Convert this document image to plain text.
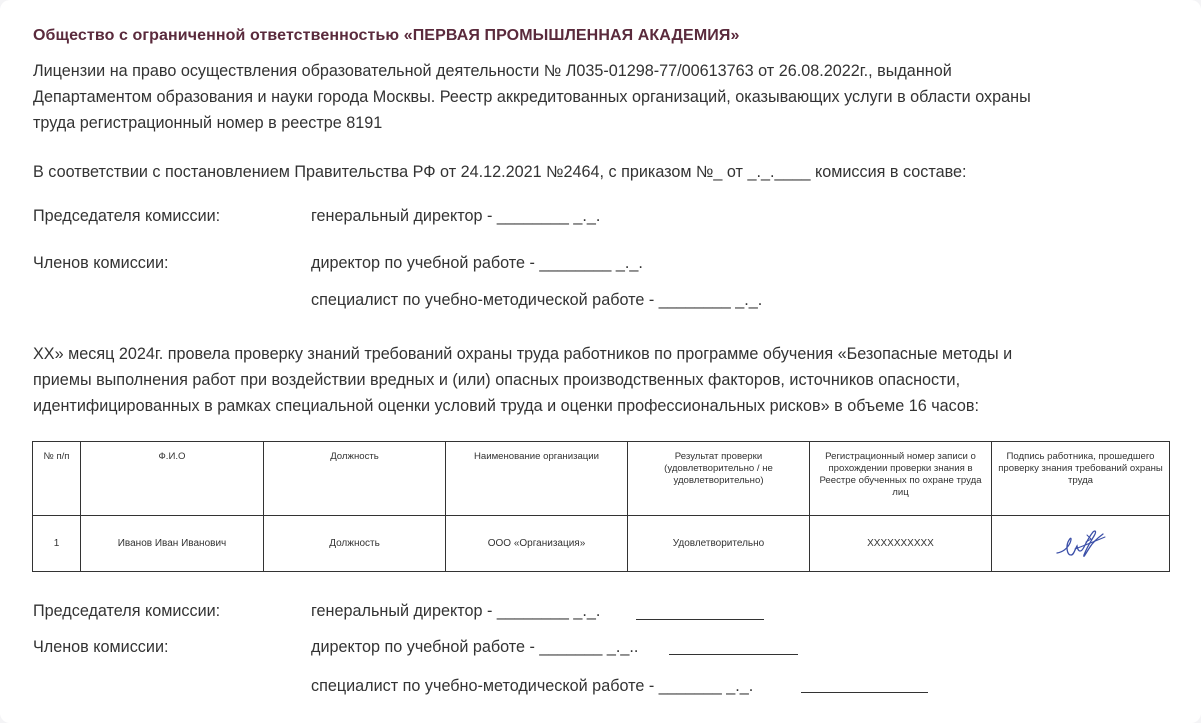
Общество с ограниченной ответственностью «ПЕРВАЯ ПРОМЫШЛЕННАЯ АКАДЕМИЯ»
Лицензии на право осуществления образовательной деятельности № Л035-01298-77/00613763 от 26.08.2022г., выданной
Департаментом образования и науки города Москвы. Реестр аккредитованных организаций, оказывающих услуги в области охраны
труда регистрационный номер в реестре 8191
В соответствии с постановлением Правительства РФ от 24.12.2021 №2464, с приказом №_ от _._.____ комиссия в составе:
Председателя комиссии:	генеральный директор - ________ _._.
Членов комиссии:	директор по учебной работе - ________ _._.
специалист по учебно-методической работе - ________ _._.
XX» месяц 2024г. провела проверку знаний требований охраны труда работников по программе обучения «Безопасные методы и
приемы выполнения работ при воздействии вредных и (или) опасных производственных факторов, источников опасности,
идентифицированных в рамках специальной оценки условий труда и оценки профессиональных рисков» в объеме 16 часов:
№ п/п	Ф.И.О	Должность	Наименование организации	Результат проверки (удовлетворительно / не удовлетворительно)	Регистрационный номер записи о прохождении проверки знания в Реестре обученных по охране труда лиц	Подпись работника, прошедшего проверку знания требований охраны труда
1	Иванов Иван Иванович	Должность	ООО «Организация»	Удовлетворительно	XXXXXXXXXX	
Председателя комиссии:	генеральный директор - ________ _._.
Членов комиссии:	директор по учебной работе - _______ _._..
специалист по учебно-методической работе - _______ _._.
